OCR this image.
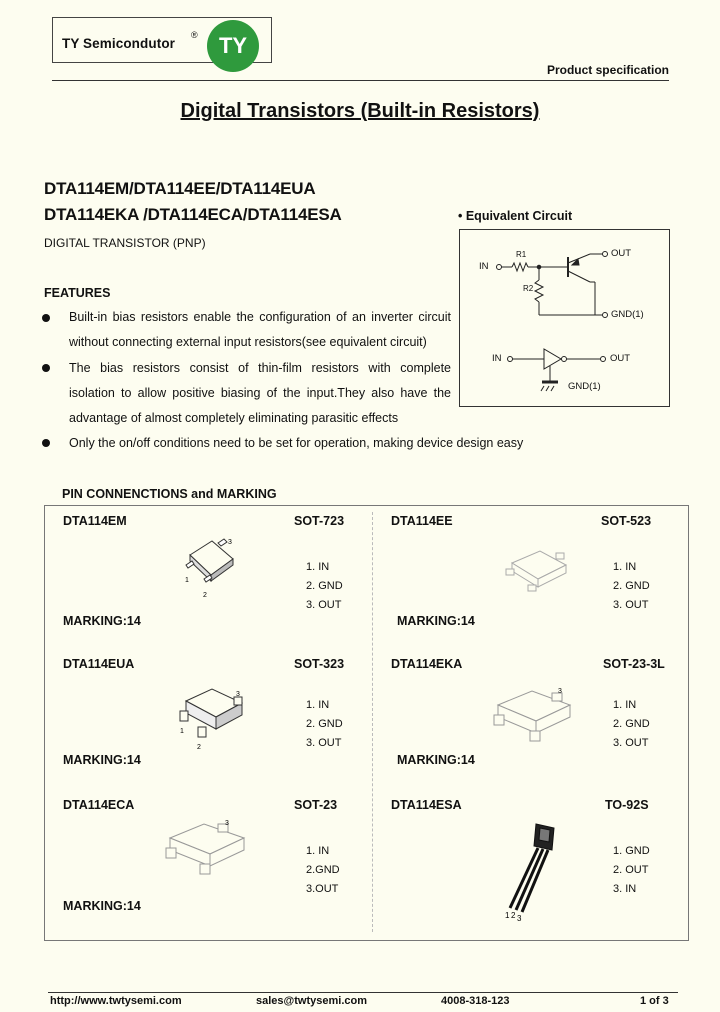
TY Semicondutor
® TY
Product specification
Digital Transistors (Built-in Resistors)
DTA114EM/DTA114EE/DTA114EUA
DTA114EKA /DTA114ECA/DTA114ESA
DIGITAL TRANSISTOR (PNP)
• Equivalent Circuit
IN
R1
R2
OUT
GND(1)
IN	OUT
GND(1)
FEATURES
Built-in bias resistors enable the configuration of an inverter circuit
without connecting external input resistors(see equivalent circuit)
The bias resistors consist of thin-film resistors with complete
isolation to allow positive biasing of the input.They also have the
advantage of almost completely eliminating parasitic effects
Only the on/off conditions need to be set for operation, making device design easy
PIN CONNENCTIONS and MARKING
DTA114EM	SOT-723
3
1
2
1. IN
2. GND
3. OUT
MARKING:14
DTA114EE	SOT-523
1. IN
2. GND
3. OUT
MARKING:14
DTA114EUA	SOT-323
3
1
2
1. IN
2. GND
3. OUT
MARKING:14
DTA114EKA	SOT-23-3L
3
1. IN
2. GND
3. OUT
MARKING:14
DTA114ECA	SOT-23
3
1. IN
2.GND
3.OUT
MARKING:14
DTA114ESA	TO-92S
1 2 3
1. GND
2. OUT
3. IN
http://www.twtysemi.com	sales@twtysemi.com	4008-318-123	1 of 3
